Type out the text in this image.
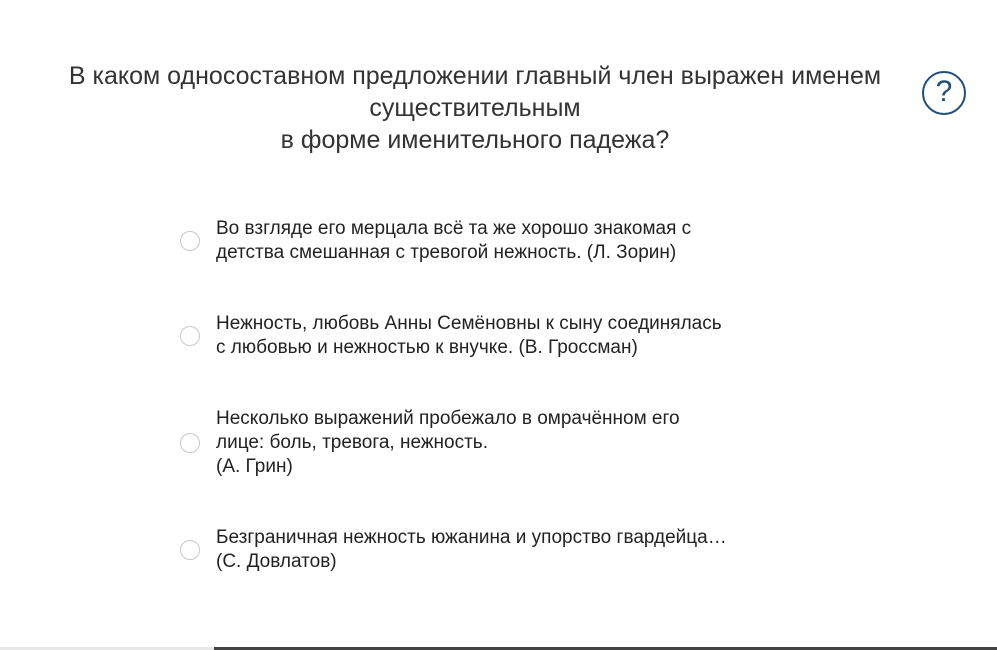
В каком односоставном предложении главный член выражен именем
существительным
в форме именительного падежа?
?
Во взгляде его мерцала всё та же хорошо знакомая с
детства смешанная с тревогой нежность. (Л. Зорин)
Нежность, любовь Анны Семёновны к сыну соединялась
с любовью и нежностью к внучке. (В. Гроссман)
Несколько выражений пробежало в омрачённом его
лице: боль, тревога, нежность.
(А. Грин)
Безграничная нежность южанина и упорство гвардейца…
(С. Довлатов)
